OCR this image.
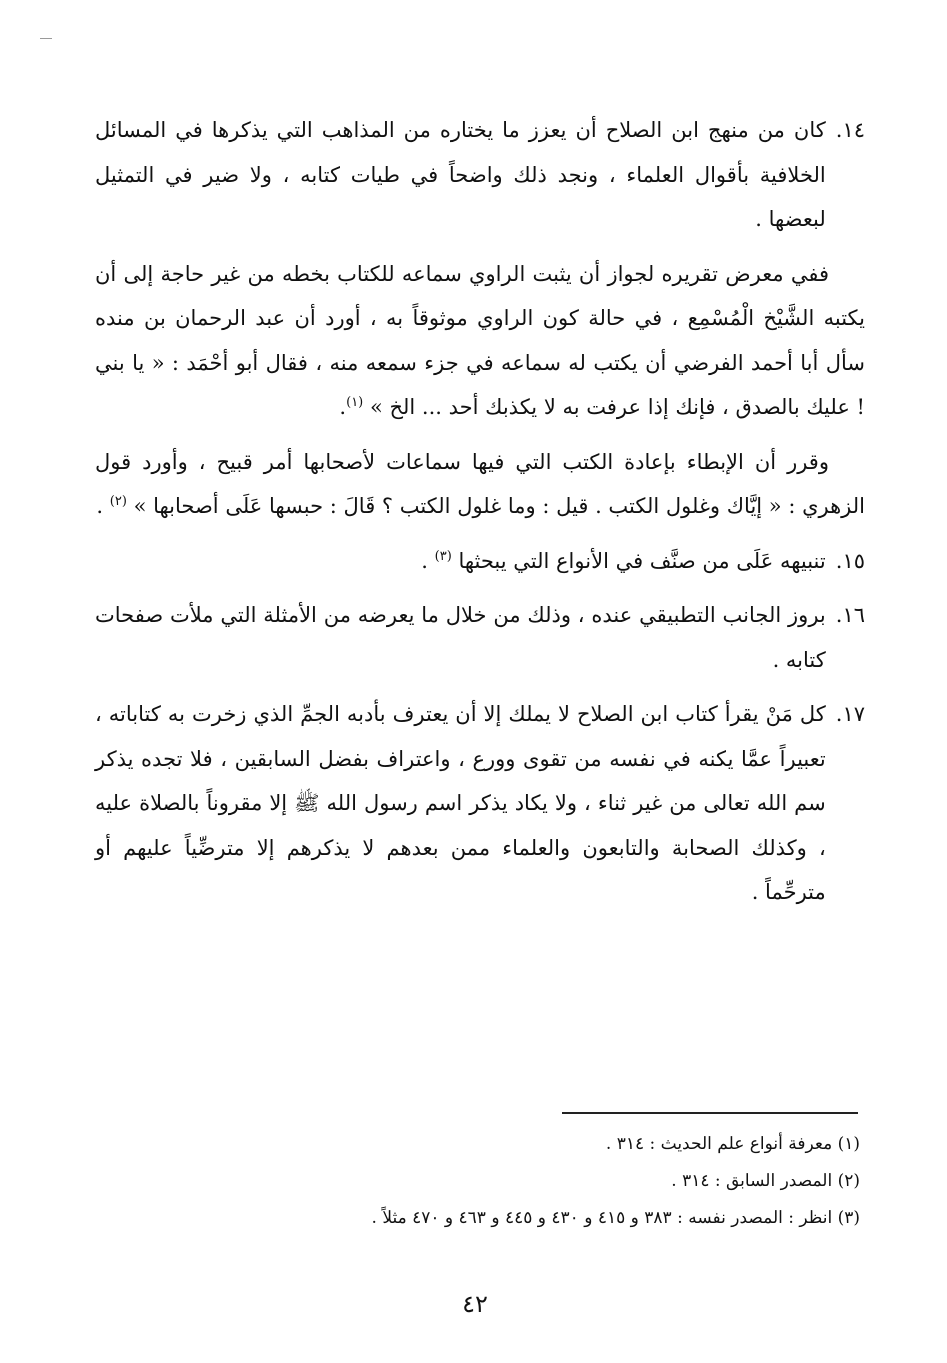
١٤.
كان من منهج ابن الصلاح أن يعزز ما يختاره من المذاهب التي يذكرها في المسائل الخلافية بأقوال العلماء ، ونجد ذلك واضحاً في طيات كتابه ، ولا ضير في التمثيل لبعضها .

ففي معرض تقريره لجواز أن يثبت الراوي سماعه للكتاب بخطه من غير حاجة إلى أن يكتبه الشَّيْخ الْمُسْمِع ، في حالة كون الراوي موثوقاً به ، أورد أن عبد الرحمان بن منده سأل أبا أحمد الفرضي أن يكتب له سماعه في جزء سمعه منه ، فقال أبو أحْمَد : « يا بني ! عليك بالصدق ، فإنك إذا عرفت به لا يكذبك أحد ... الخ » $^{(١)}$.

وقرر أن الإبطاء بإعادة الكتب التي فيها سماعات لأصحابها أمر قبيح ، وأورد قول الزهري : « إيَّاك وغلول الكتب . قيل : وما غلول الكتب ؟ قَالَ : حبسها عَلَى أصحابها » $^{(٢)}$ .

١٥.
تنبيهه عَلَى من صنَّف في الأنواع التي يبحثها $^{(٣)}$ .
١٦.
بروز الجانب التطبيقي عنده ، وذلك من خلال ما يعرضه من الأمثلة التي ملأت صفحات كتابه .
١٧.
كل مَنْ يقرأ كتاب ابن الصلاح لا يملك إلا أن يعترف بأدبه الجمِّ الذي زخرت به كتاباته ، تعبيراً عمَّا يكنه في نفسه من تقوى وورع ، واعتراف بفضل السابقين ، فلا تجده يذكر سم الله تعالى من غير ثناء ، ولا يكاد يذكر اسم رسول الله ﷺ إلا مقروناً بالصلاة عليه ، وكذلك الصحابة والتابعون والعلماء ممن بعدهم لا يذكرهم إلا مترضِّياً عليهم أو مترحِّماً .

(١) معرفة أنواع علم الحديث : ٣١٤ .

(٢) المصدر السابق : ٣١٤ .

(٣) انظر : المصدر نفسه : ٣٨٣ و ٤١٥ و ٤٣٠ و ٤٤٥ و ٤٦٣ و ٤٧٠ مثلاً .

٤٢
